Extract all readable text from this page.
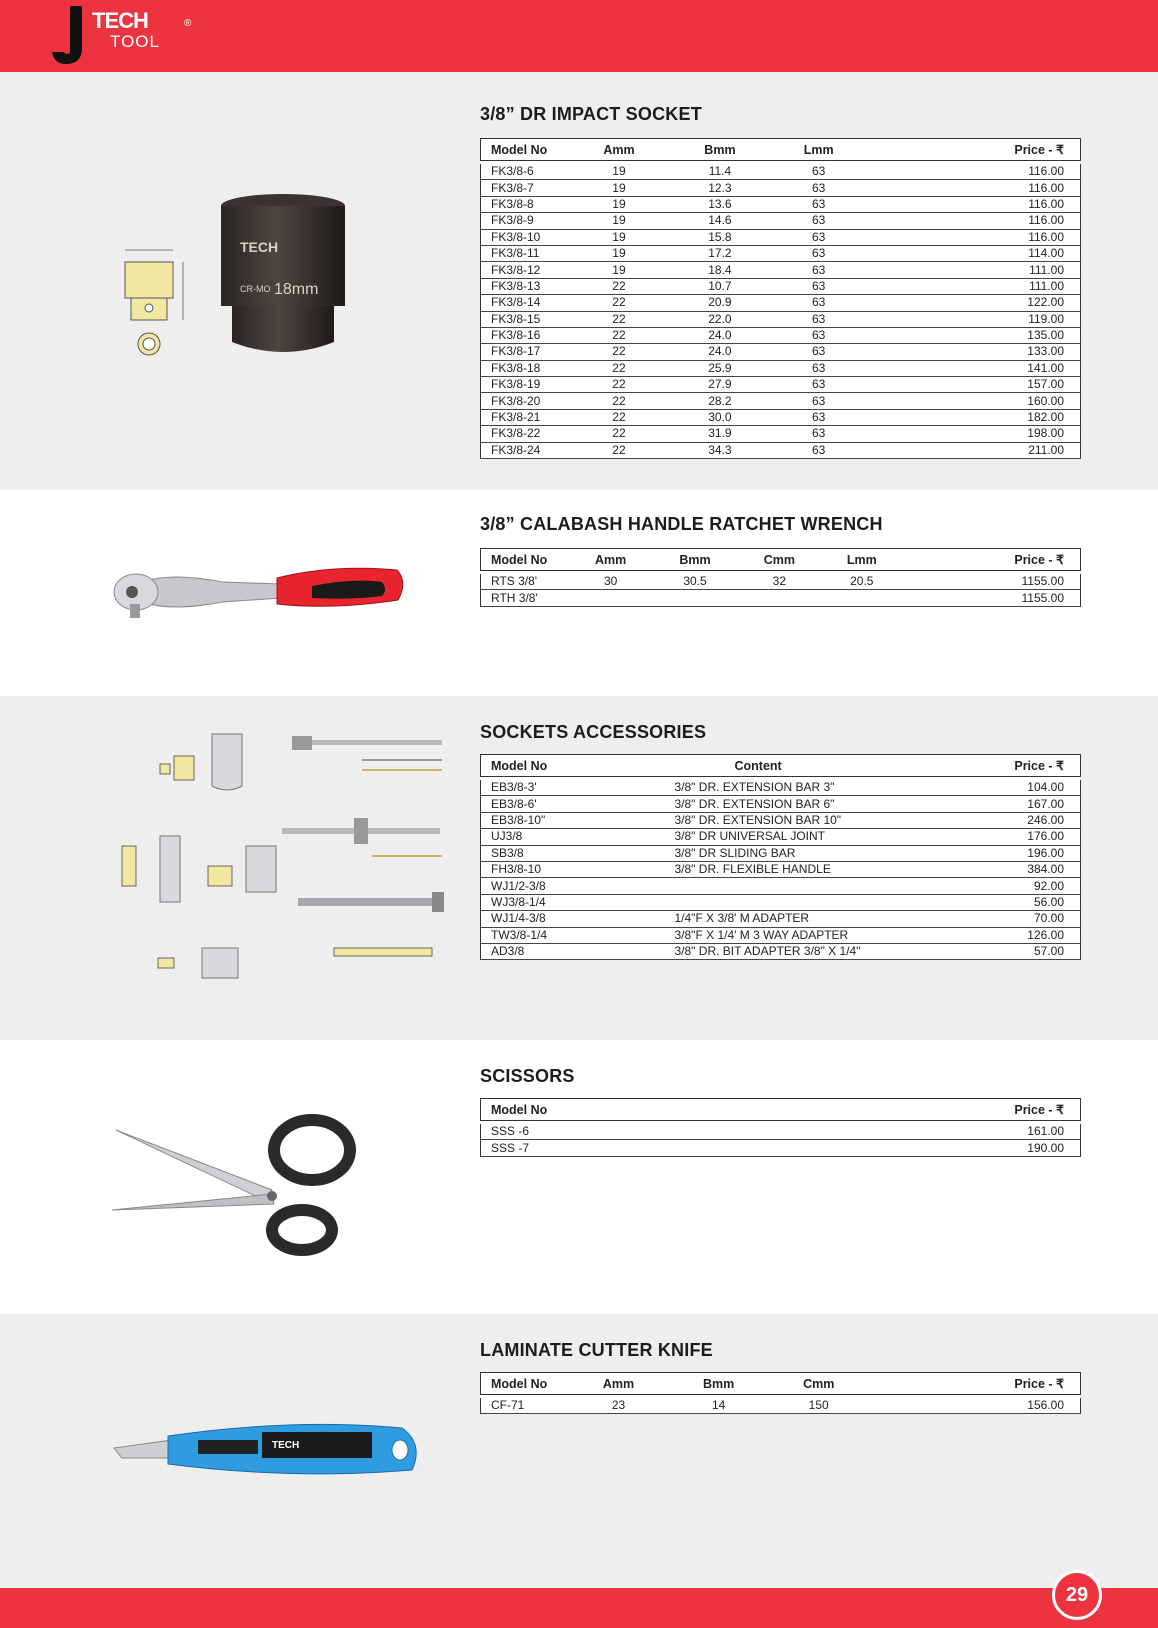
TECH
TOOL
®
3/8” DR IMPACT SOCKET
Model No	Amm	Bmm	Lmm	Price - ₹

FK3/8-6	19	11.4	63	116.00
FK3/8-7	19	12.3	63	116.00
FK3/8-8	19	13.6	63	116.00
FK3/8-9	19	14.6	63	116.00
FK3/8-10	19	15.8	63	116.00
FK3/8-11	19	17.2	63	114.00
FK3/8-12	19	18.4	63	111.00
FK3/8-13	22	10.7	63	111.00
FK3/8-14	22	20.9	63	122.00
FK3/8-15	22	22.0	63	119.00
FK3/8-16	22	24.0	63	135.00
FK3/8-17	22	24.0	63	133.00
FK3/8-18	22	25.9	63	141.00
FK3/8-19	22	27.9	63	157.00
FK3/8-20	22	28.2	63	160.00
FK3/8-21	22	30.0	63	182.00
FK3/8-22	22	31.9	63	198.00
FK3/8-24	22	34.3	63	211.00
TECH
CR-MO 18mm
3/8” CALABASH HANDLE RATCHET WRENCH
Model No	Amm	Bmm	Cmm	Lmm	Price - ₹

RTS 3/8'	30	30.5	32	20.5	1155.00
RTH 3/8'					1155.00
SOCKETS ACCESSORIES
Model No	Content	Price - ₹

EB3/8-3'	3/8" DR. EXTENSION BAR 3"	104.00
EB3/8-6'	3/8" DR. EXTENSION BAR 6"	167.00
EB3/8-10"	3/8" DR. EXTENSION BAR 10"	246.00
UJ3/8	3/8" DR UNIVERSAL JOINT	176.00
SB3/8	3/8" DR SLIDING BAR	196.00
FH3/8-10	3/8" DR. FLEXIBLE HANDLE	384.00
WJ1/2-3/8		92.00
WJ3/8-1/4		56.00
WJ1/4-3/8	1/4"F X 3/8' M ADAPTER	70.00
TW3/8-1/4	3/8"F X 1/4' M 3 WAY ADAPTER	126.00
AD3/8	3/8" DR. BIT ADAPTER 3/8" X 1/4"	57.00
SCISSORS
Model No	Price - ₹

SSS -6	161.00
SSS -7	190.00
LAMINATE CUTTER KNIFE
Model No	Amm	Bmm	Cmm	Price - ₹

CF-71	23	14	150	156.00
TECH
29
